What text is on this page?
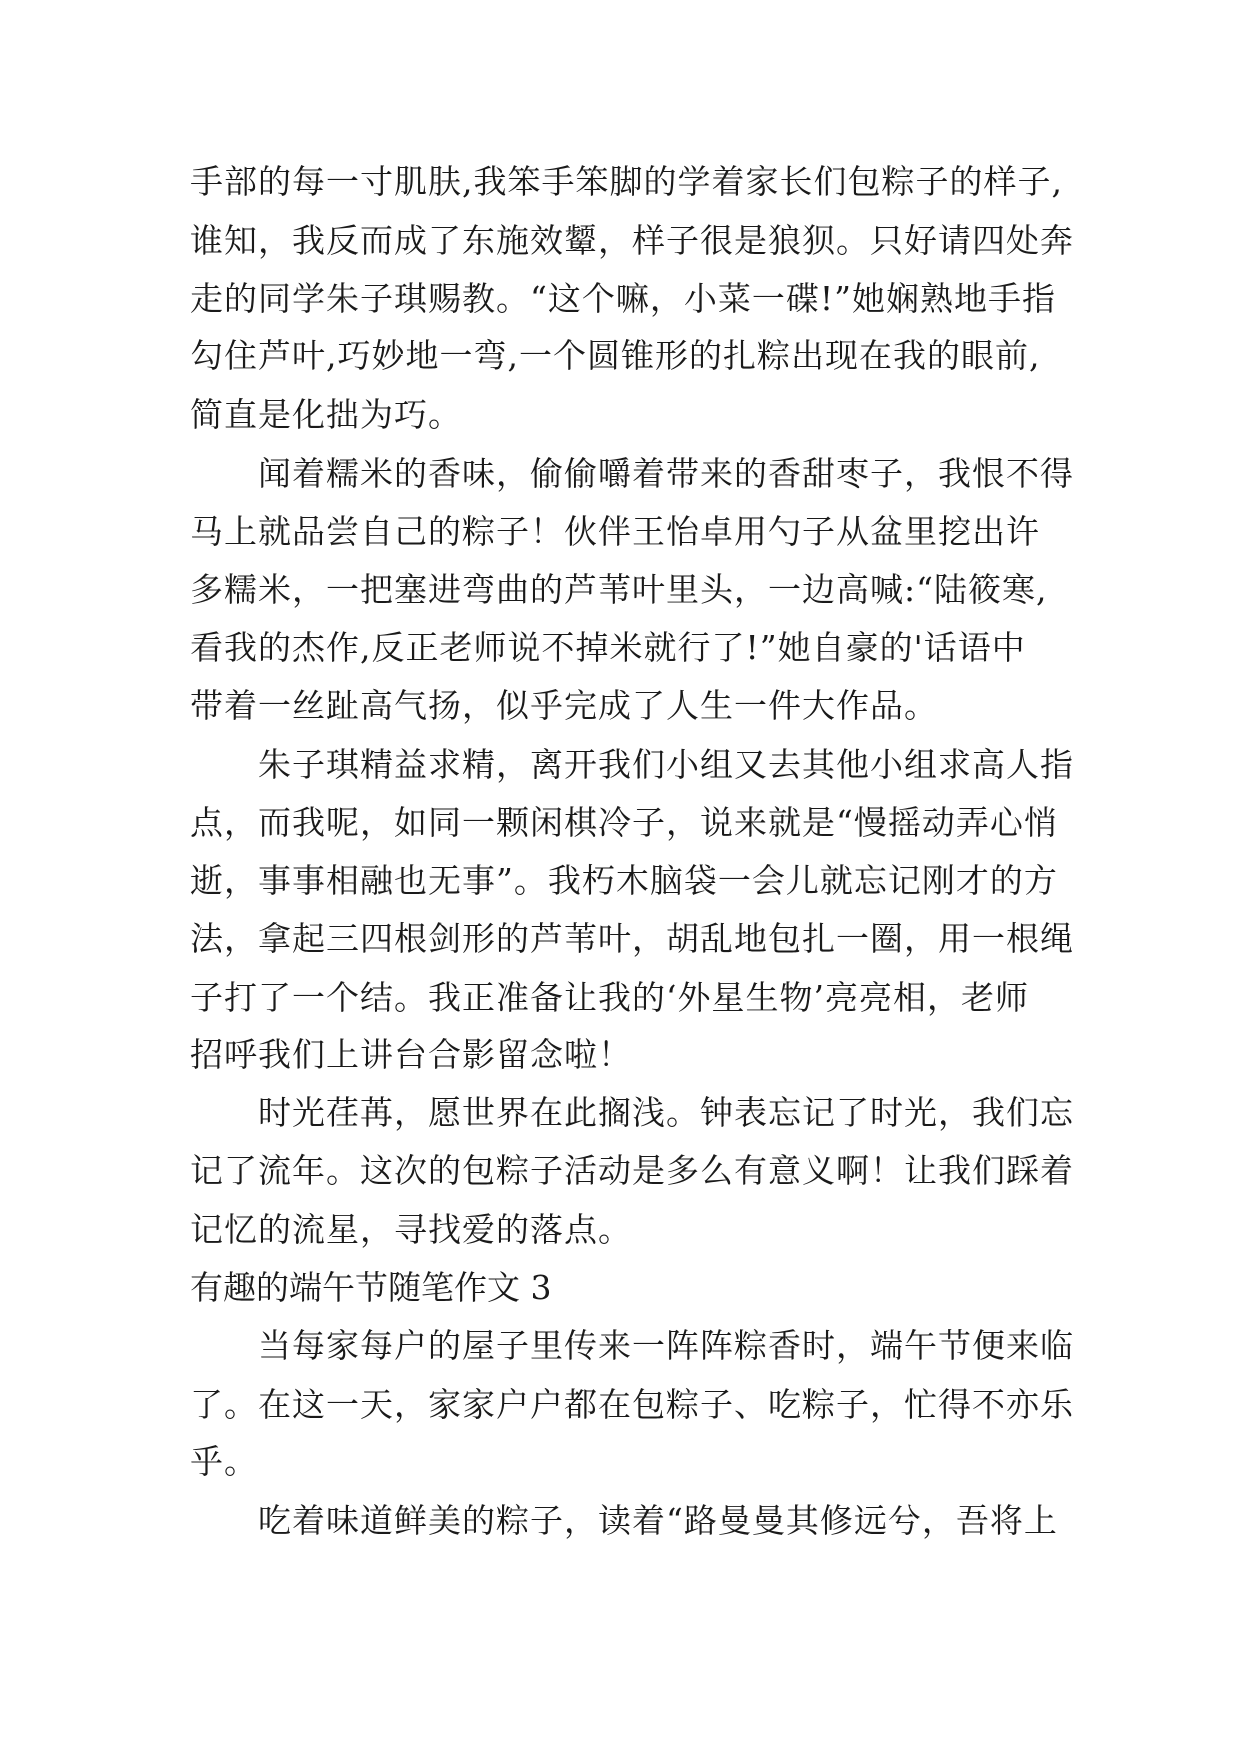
手部的每一寸肌肤,我笨手笨脚的学着家长们包粽子的样子,
谁知，我反而成了东施效颦，样子很是狼狈。只好请四处奔
走的同学朱子琪赐教。“这个嘛，小菜一碟!”她娴熟地手指
勾住芦叶,巧妙地一弯,一个圆锥形的扎粽出现在我的眼前,
简直是化拙为巧。
闻着糯米的香味，偷偷嚼着带来的香甜枣子，我恨不得
马上就品尝自己的粽子！伙伴王怡卓用勺子从盆里挖出许
多糯米，一把塞进弯曲的芦苇叶里头，一边高喊:“陆筱寒,
看我的杰作,反正老师说不掉米就行了!”她自豪的'话语中
带着一丝趾高气扬，似乎完成了人生一件大作品。
朱子琪精益求精，离开我们小组又去其他小组求高人指
点，而我呢，如同一颗闲棋冷子，说来就是“慢摇动弄心悄
逝，事事相融也无事”。我朽木脑袋一会儿就忘记刚才的方
法，拿起三四根剑形的芦苇叶，胡乱地包扎一圈，用一根绳
子打了一个结。我正准备让我的‘外星生物’亮亮相，老师
招呼我们上讲台合影留念啦！
时光荏苒，愿世界在此搁浅。钟表忘记了时光，我们忘
记了流年。这次的包粽子活动是多么有意义啊！让我们踩着
记忆的流星，寻找爱的落点。
有趣的端午节随笔作文 3
当每家每户的屋子里传来一阵阵粽香时，端午节便来临
了。在这一天，家家户户都在包粽子、吃粽子，忙得不亦乐
乎。
吃着味道鲜美的粽子，读着“路曼曼其修远兮，吾将上
